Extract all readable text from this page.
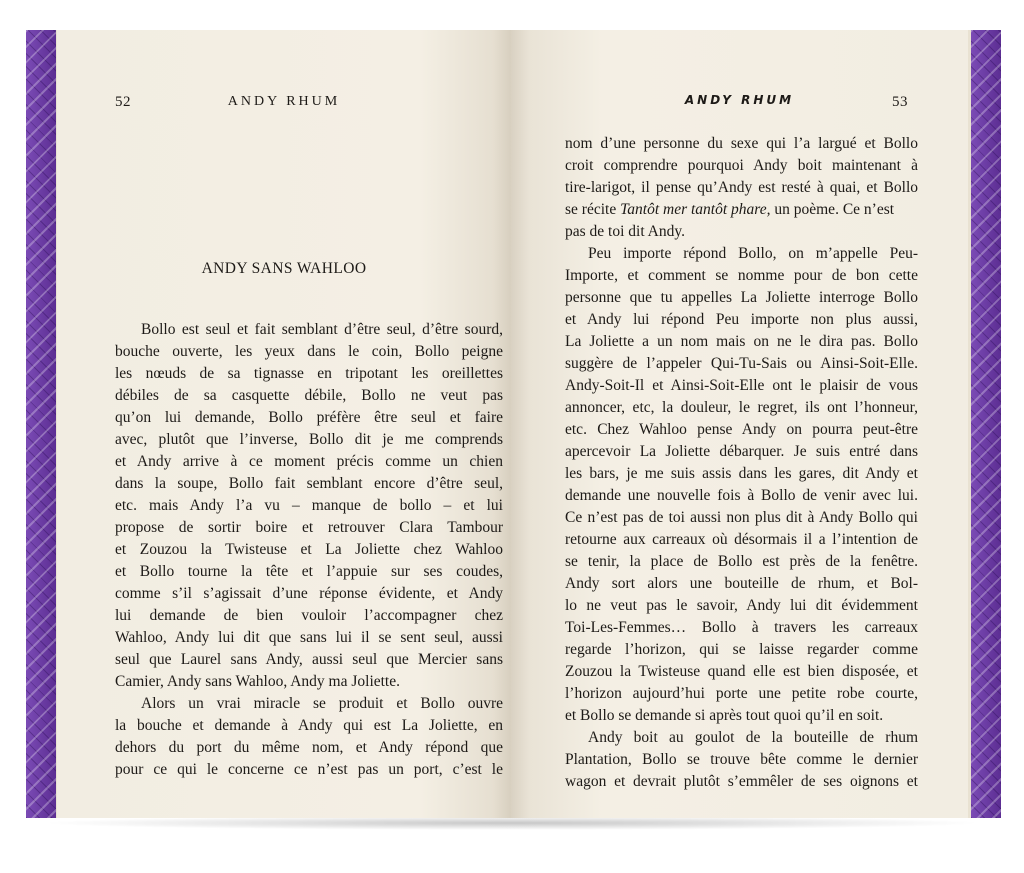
52	ANDY RHUM
ANDY SANS WAHLOO
Bollo est seul et fait semblant d’être seul, d’être sourd,
bouche ouverte, les yeux dans le coin, Bollo peigne
les nœuds de sa tignasse en tripotant les oreillettes
débiles de sa casquette débile, Bollo ne veut pas
qu’on lui demande, Bollo préfère être seul et faire
avec, plutôt que l’inverse, Bollo dit je me comprends
et Andy arrive à ce moment précis comme un chien
dans la soupe, Bollo fait semblant encore d’être seul,
etc. mais Andy l’a vu – manque de bollo – et lui
propose de sortir boire et retrouver Clara Tambour
et Zouzou la Twisteuse et La Joliette chez Wahloo
et Bollo tourne la tête et l’appuie sur ses coudes,
comme s’il s’agissait d’une réponse évidente, et Andy
lui demande de bien vouloir l’accompagner chez
Wahloo, Andy lui dit que sans lui il se sent seul, aussi
seul que Laurel sans Andy, aussi seul que Mercier sans
Camier, Andy sans Wahloo, Andy ma Joliette.
Alors un vrai miracle se produit et Bollo ouvre
la bouche et demande à Andy qui est La Joliette, en
dehors du port du même nom, et Andy répond que
pour ce qui le concerne ce n’est pas un port, c’est le
ANDY RHUM	53
nom d’une personne du sexe qui l’a largué et Bollo
croit comprendre pourquoi Andy boit maintenant à
tire-larigot, il pense qu’Andy est resté à quai, et Bollo
se récite Tantôt mer tantôt phare, un poème. Ce n’est
pas de toi dit Andy.
Peu importe répond Bollo, on m’appelle Peu-
Importe, et comment se nomme pour de bon cette
personne que tu appelles La Joliette interroge Bollo
et Andy lui répond Peu importe non plus aussi,
La Joliette a un nom mais on ne le dira pas. Bollo
suggère de l’appeler Qui-Tu-Sais ou Ainsi-Soit-Elle.
Andy-Soit-Il et Ainsi-Soit-Elle ont le plaisir de vous
annoncer, etc, la douleur, le regret, ils ont l’honneur,
etc. Chez Wahloo pense Andy on pourra peut-être
apercevoir La Joliette débarquer. Je suis entré dans
les bars, je me suis assis dans les gares, dit Andy et
demande une nouvelle fois à Bollo de venir avec lui.
Ce n’est pas de toi aussi non plus dit à Andy Bollo qui
retourne aux carreaux où désormais il a l’intention de
se tenir, la place de Bollo est près de la fenêtre.
Andy sort alors une bouteille de rhum, et Bol-
lo ne veut pas le savoir, Andy lui dit évidemment
Toi-Les-Femmes… Bollo à travers les carreaux
regarde l’horizon, qui se laisse regarder comme
Zouzou la Twisteuse quand elle est bien disposée, et
l’horizon aujourd’hui porte une petite robe courte,
et Bollo se demande si après tout quoi qu’il en soit.
Andy boit au goulot de la bouteille de rhum
Plantation, Bollo se trouve bête comme le dernier
wagon et devrait plutôt s’emmêler de ses oignons et
